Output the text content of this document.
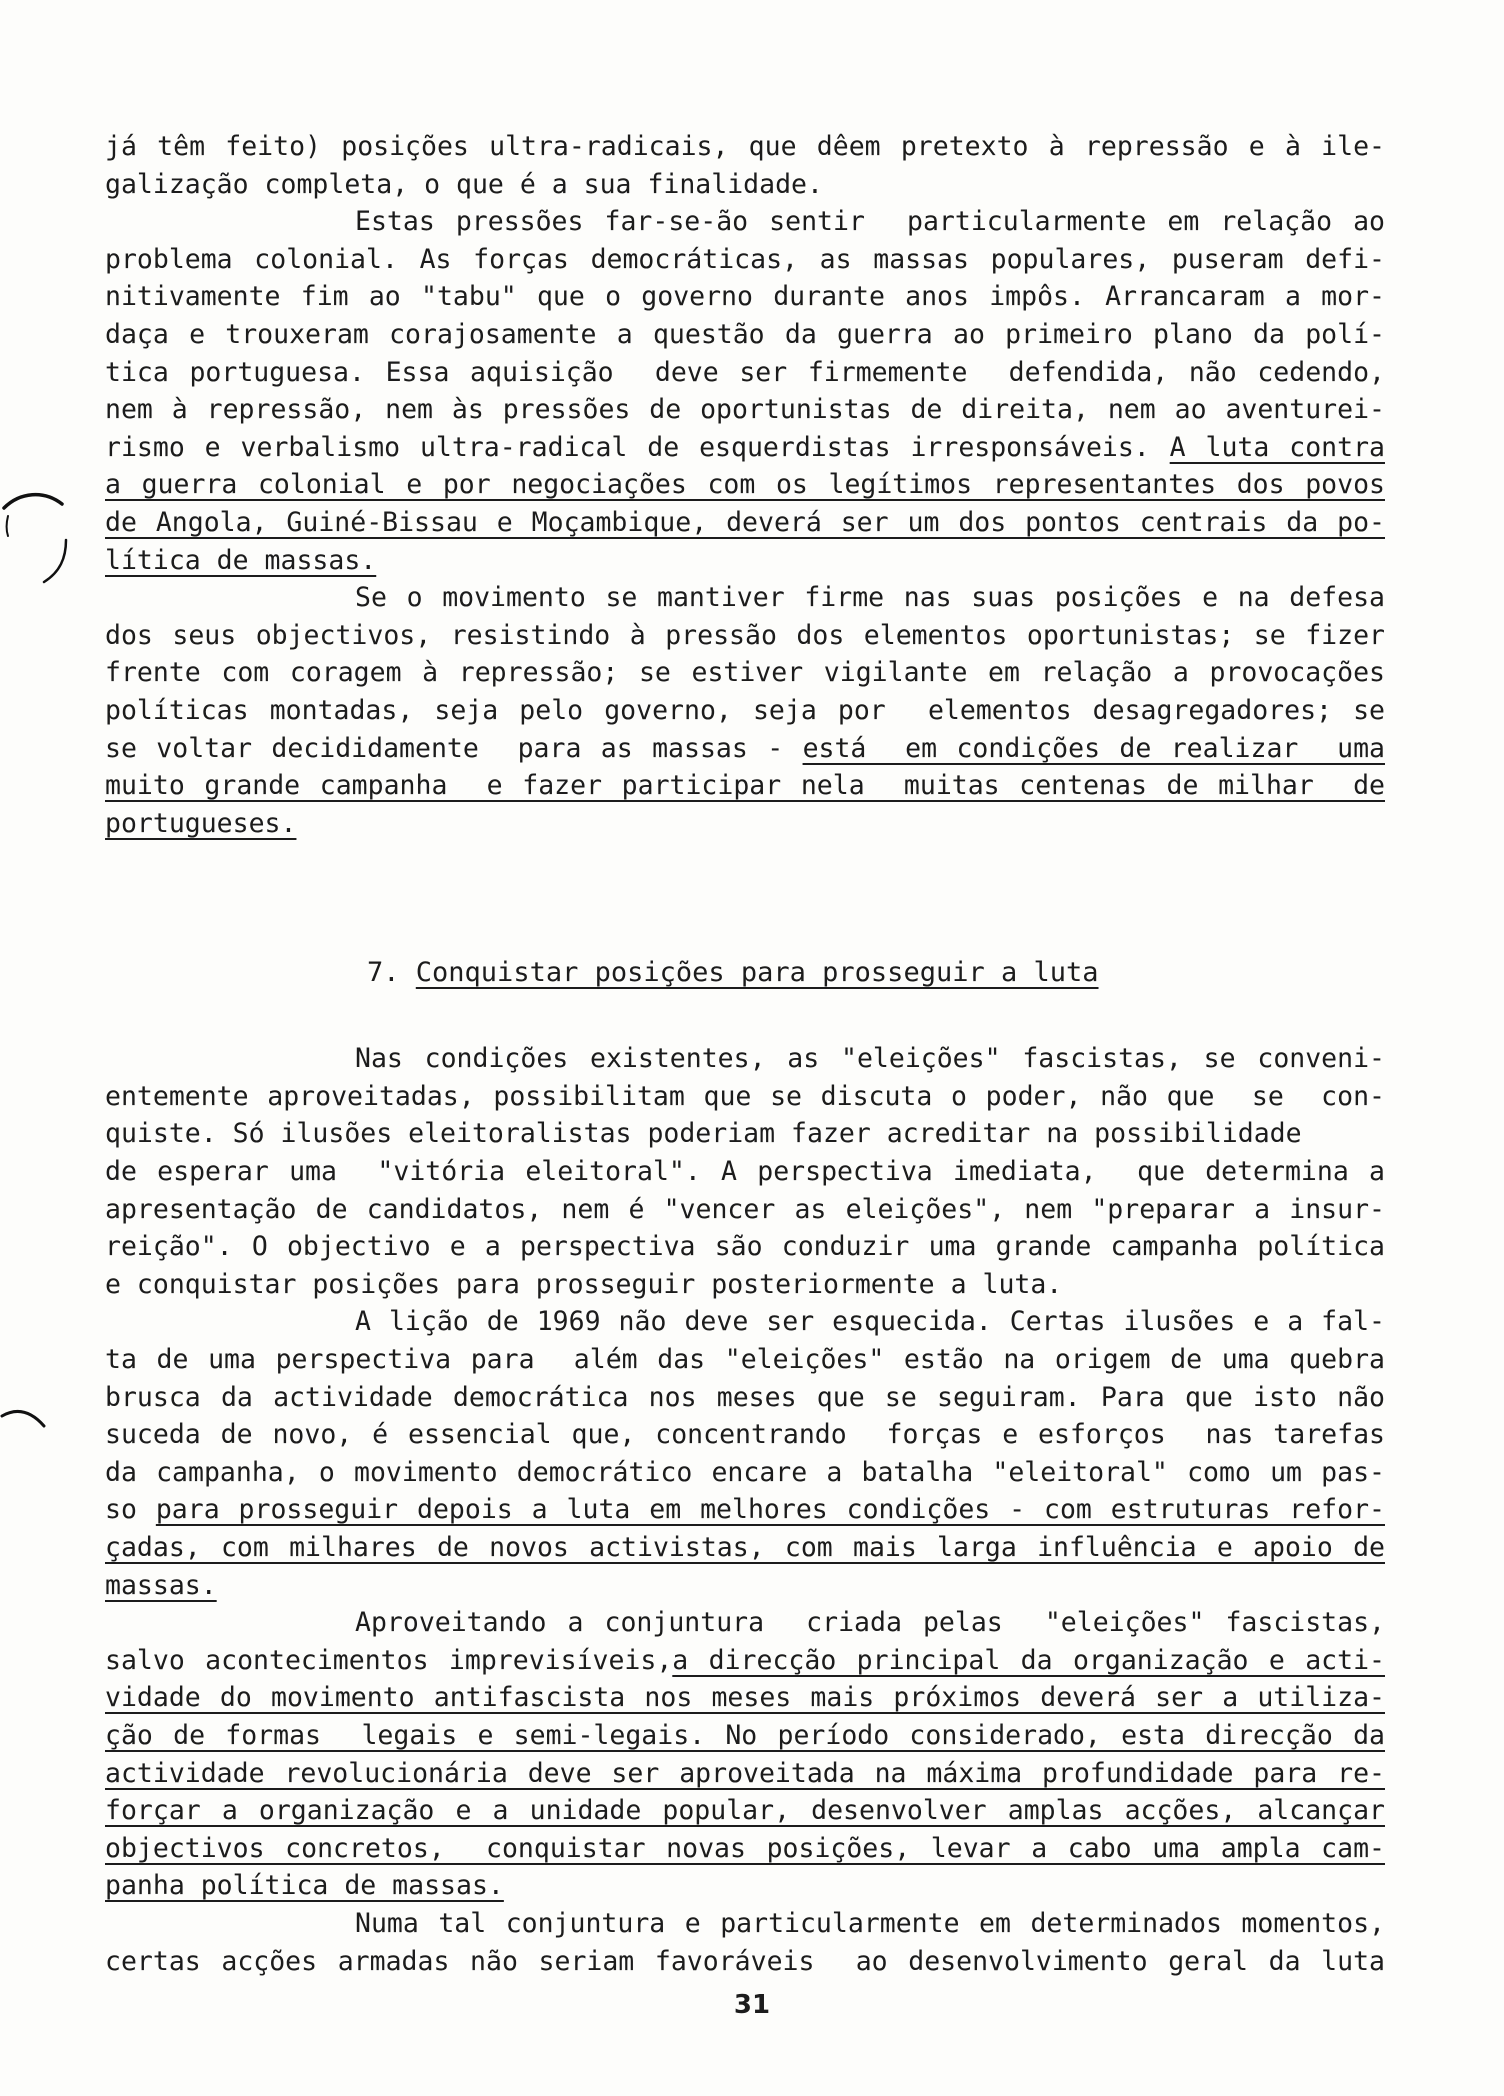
já têm feito) posições ultra-radicais, que dêem pretexto à repressão e à ile-
galização completa, o que é a sua finalidade.
Estas pressões far-se-ão sentir  particularmente em relação ao
problema colonial. As forças democráticas, as massas populares, puseram defi-
nitivamente fim ao "tabu" que o governo durante anos impôs. Arrancaram a mor-
daça e trouxeram corajosamente a questão da guerra ao primeiro plano da polí-
tica portuguesa. Essa aquisição  deve ser firmemente  defendida, não cedendo,
nem à repressão, nem às pressões de oportunistas de direita, nem ao aventurei-
rismo e verbalismo ultra-radical de esquerdistas irresponsáveis. A luta contra
a guerra colonial e por negociações com os legítimos representantes dos povos
de Angola, Guiné-Bissau e Moçambique, deverá ser um dos pontos centrais da po-
lítica de massas.
Se o movimento se mantiver firme nas suas posições e na defesa
dos seus objectivos, resistindo à pressão dos elementos oportunistas; se fizer
frente com coragem à repressão; se estiver vigilante em relação a provocações
políticas montadas, seja pelo governo, seja por  elementos desagregadores; se
se voltar decididamente  para as massas - está  em condições de realizar  uma
muito grande campanha  e fazer participar nela  muitas centenas de milhar  de
portugueses.
7. Conquistar posições para prosseguir a luta
Nas condições existentes, as "eleições" fascistas, se conveni-
entemente aproveitadas, possibilitam que se discuta o poder, não que  se  con-
quiste. Só ilusões eleitoralistas poderiam fazer acreditar na possibilidade
de esperar uma  "vitória eleitoral". A perspectiva imediata,  que determina a
apresentação de candidatos, nem é "vencer as eleições", nem "preparar a insur-
reição". O objectivo e a perspectiva são conduzir uma grande campanha política
e conquistar posições para prosseguir posteriormente a luta.
A lição de 1969 não deve ser esquecida. Certas ilusões e a fal-
ta de uma perspectiva para  além das "eleições" estão na origem de uma quebra
brusca da actividade democrática nos meses que se seguiram. Para que isto não
suceda de novo, é essencial que, concentrando  forças e esforços  nas tarefas
da campanha, o movimento democrático encare a batalha "eleitoral" como um pas-
so para prosseguir depois a luta em melhores condições - com estruturas refor-
çadas, com milhares de novos activistas, com mais larga influência e apoio de
massas.
Aproveitando a conjuntura  criada pelas  "eleições" fascistas,
salvo acontecimentos imprevisíveis,a direcção principal da organização e acti-
vidade do movimento antifascista nos meses mais próximos deverá ser a utiliza-
ção de formas  legais e semi-legais. No período considerado, esta direcção da
actividade revolucionária deve ser aproveitada na máxima profundidade para re-
forçar a organização e a unidade popular, desenvolver amplas acções, alcançar
objectivos concretos,  conquistar novas posições, levar a cabo uma ampla cam-
panha política de massas.
Numa tal conjuntura e particularmente em determinados momentos,
certas acções armadas não seriam favoráveis  ao desenvolvimento geral da luta
31
